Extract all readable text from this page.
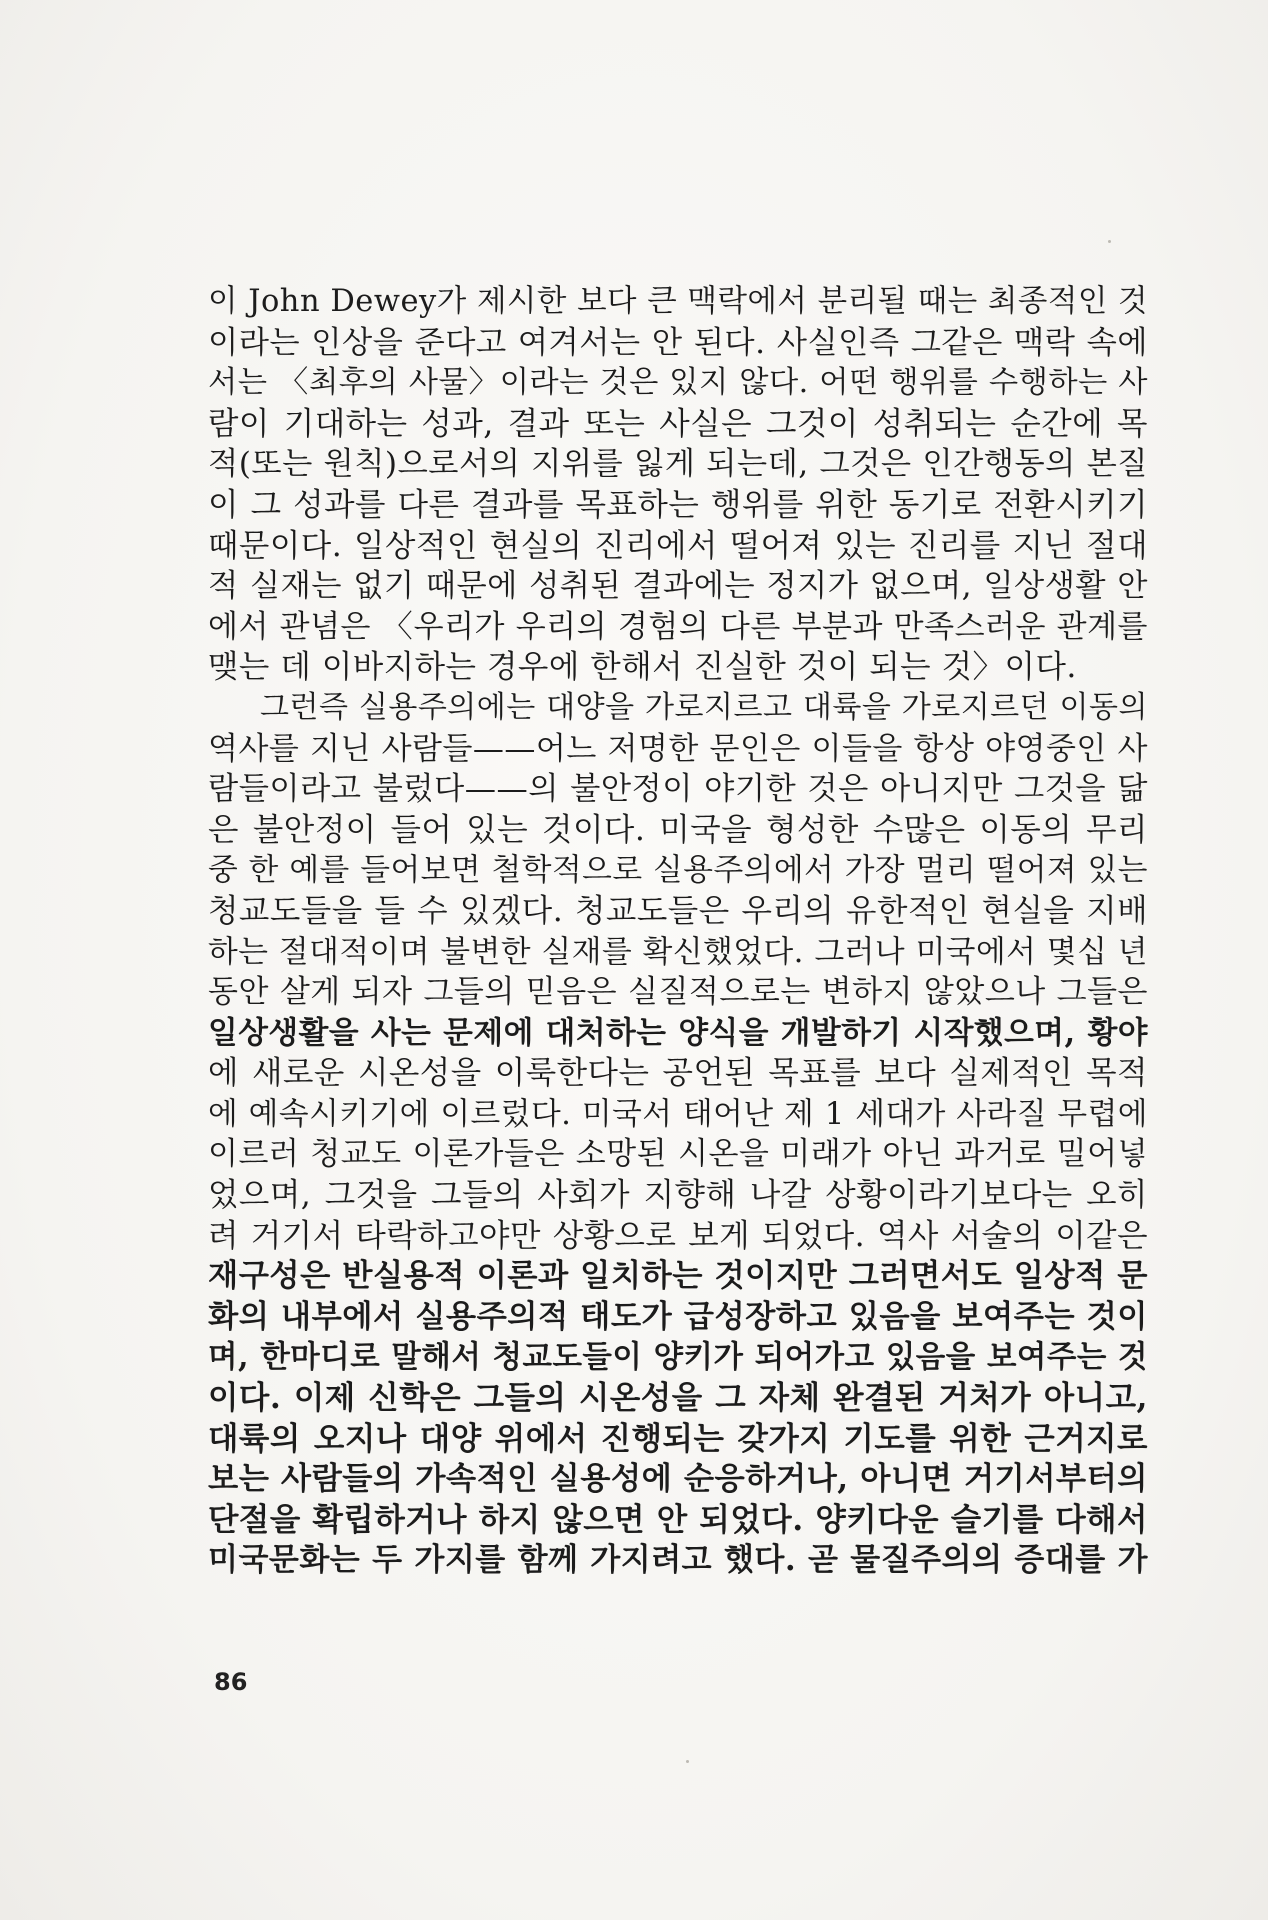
이 John Dewey가 제시한 보다 큰 맥락에서 분리될 때는 최종적인 것
이라는 인상을 준다고 여겨서는 안 된다. 사실인즉 그같은 맥락 속에
서는 〈최후의 사물〉이라는 것은 있지 않다. 어떤 행위를 수행하는 사
람이 기대하는 성과, 결과 또는 사실은 그것이 성취되는 순간에 목
적(또는 원칙)으로서의 지위를 잃게 되는데, 그것은 인간행동의 본질
이 그 성과를 다른 결과를 목표하는 행위를 위한 동기로 전환시키기
때문이다. 일상적인 현실의 진리에서 떨어져 있는 진리를 지닌 절대
적 실재는 없기 때문에 성취된 결과에는 정지가 없으며, 일상생활 안
에서 관념은 〈우리가 우리의 경험의 다른 부분과 만족스러운 관계를
맺는 데 이바지하는 경우에 한해서 진실한 것이 되는 것〉이다.
그런즉 실용주의에는 대양을 가로지르고 대륙을 가로지르던 이동의
역사를 지닌 사람들——어느 저명한 문인은 이들을 항상 야영중인 사
람들이라고 불렀다——의 불안정이 야기한 것은 아니지만 그것을 닮
은 불안정이 들어 있는 것이다. 미국을 형성한 수많은 이동의 무리
중 한 예를 들어보면 철학적으로 실용주의에서 가장 멀리 떨어져 있는
청교도들을 들 수 있겠다. 청교도들은 우리의 유한적인 현실을 지배
하는 절대적이며 불변한 실재를 확신했었다. 그러나 미국에서 몇십 년
동안 살게 되자 그들의 믿음은 실질적으로는 변하지 않았으나 그들은
일상생활을 사는 문제에 대처하는 양식을 개발하기 시작했으며, 황야
에 새로운 시온성을 이룩한다는 공언된 목표를 보다 실제적인 목적
에 예속시키기에 이르렀다. 미국서 태어난 제 1 세대가 사라질 무렵에
이르러 청교도 이론가들은 소망된 시온을 미래가 아닌 과거로 밀어넣
었으며, 그것을 그들의 사회가 지향해 나갈 상황이라기보다는 오히
려 거기서 타락하고야만 상황으로 보게 되었다. 역사 서술의 이같은
재구성은 반실용적 이론과 일치하는 것이지만 그러면서도 일상적 문
화의 내부에서 실용주의적 태도가 급성장하고 있음을 보여주는 것이
며, 한마디로 말해서 청교도들이 양키가 되어가고 있음을 보여주는 것
이다. 이제 신학은 그들의 시온성을 그 자체 완결된 거처가 아니고,
대륙의 오지나 대양 위에서 진행되는 갖가지 기도를 위한 근거지로
보는 사람들의 가속적인 실용성에 순응하거나, 아니면 거기서부터의
단절을 확립하거나 하지 않으면 안 되었다. 양키다운 슬기를 다해서
미국문화는 두 가지를 함께 가지려고 했다. 곧 물질주의의 증대를 가
86
